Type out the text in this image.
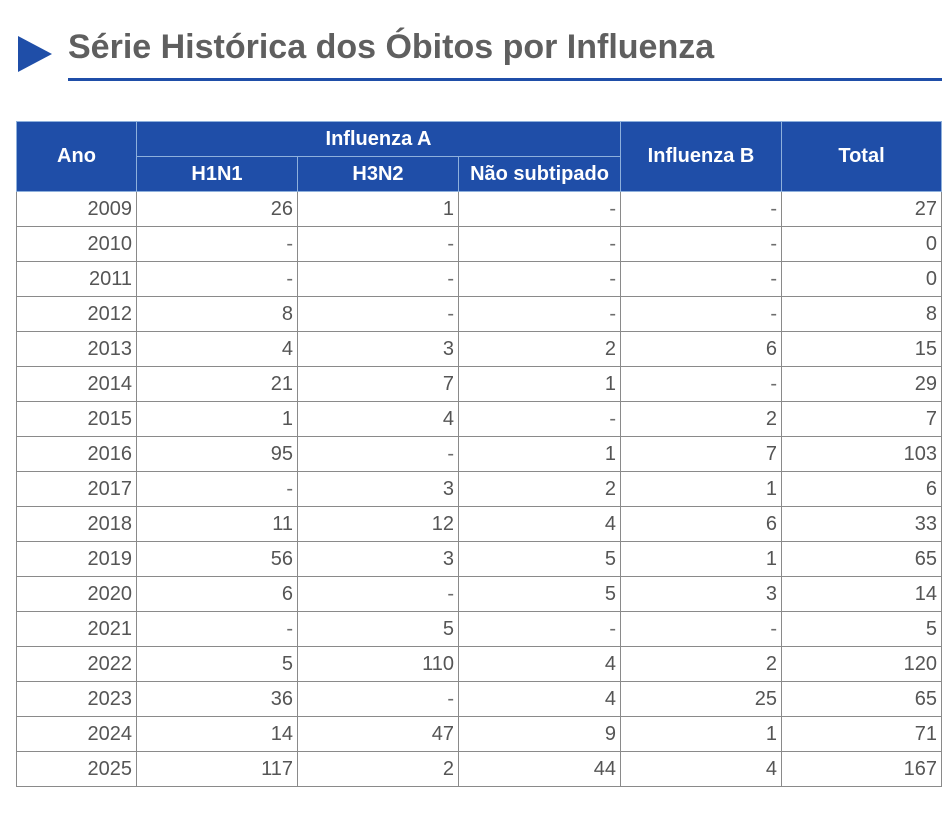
Série Histórica dos Óbitos por Influenza
Ano	Influenza A			Influenza B	Total
	H1N1	H3N2	Não subtipado		
2009	26	1	-	-	27
2010	-	-	-	-	0
2011	-	-	-	-	0
2012	8	-	-	-	8
2013	4	3	2	6	15
2014	21	7	1	-	29
2015	1	4	-	2	7
2016	95	-	1	7	103
2017	-	3	2	1	6
2018	11	12	4	6	33
2019	56	3	5	1	65
2020	6	-	5	3	14
2021	-	5	-	-	5
2022	5	110	4	2	120
2023	36	-	4	25	65
2024	14	47	9	1	71
2025	117	2	44	4	167
